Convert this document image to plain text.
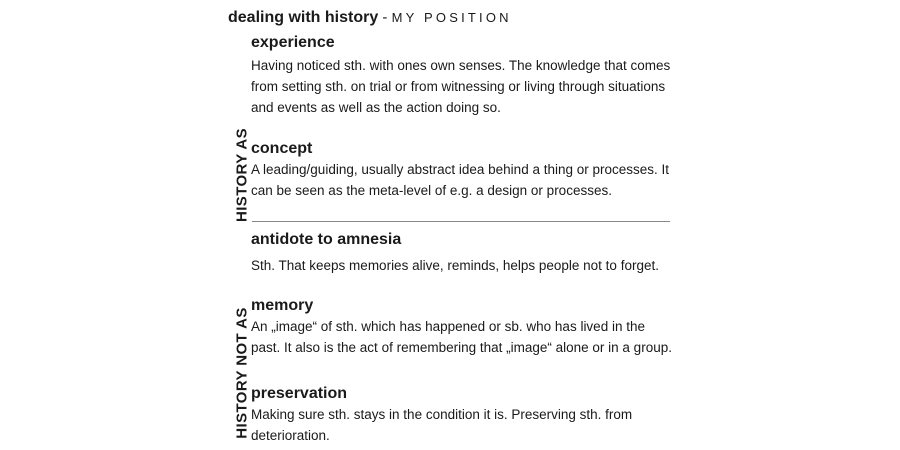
dealing with history - MY POSITION
HISTORY AS
HISTORY NOT AS

experience

Having noticed sth. with ones own senses. The knowledge that comes from setting sth. on trial or from witnessing or living through situations and events as well as the action doing so.

concept

A leading/guiding, usually abstract idea behind a thing or processes. It can be seen as the meta-level of e.g. a design or processes.

antidote to amnesia

Sth. That keeps memories alive, reminds, helps people not to forget.

memory

An „image“ of sth. which has happened or sb. who has lived in the past. It also is the act of remembering that „image“ alone or in a group.

preservation

Making sure sth. stays in the condition it is. Preserving sth. from deterioration.
